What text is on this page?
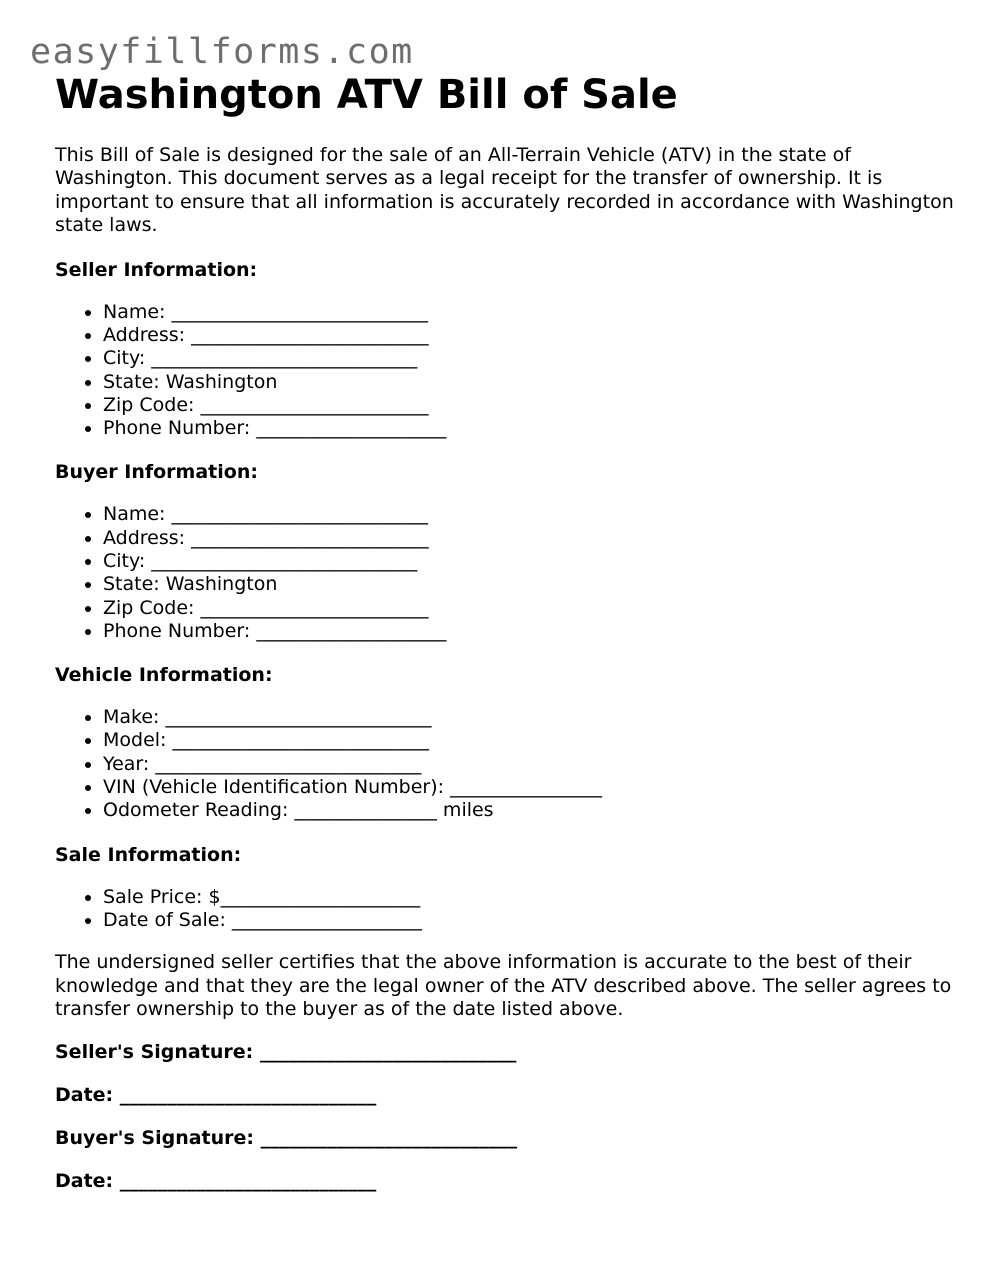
easyfillforms.com
Washington ATV Bill of Sale

This Bill of Sale is designed for the sale of an All-Terrain Vehicle (ATV) in the state of Washington. This document serves as a legal receipt for the transfer of ownership. It is important to ensure that all information is accurately recorded in accordance with Washington state laws.

Seller Information:
Name: ___________________________
Address: _________________________
City: ____________________________
State: Washington
Zip Code: ________________________
Phone Number: ____________________
Buyer Information:
Name: ___________________________
Address: _________________________
City: ____________________________
State: Washington
Zip Code: ________________________
Phone Number: ____________________
Vehicle Information:
Make: ____________________________
Model: ___________________________
Year: ____________________________
VIN (Vehicle Identification Number): ________________
Odometer Reading: _______________ miles
Sale Information:
Sale Price: $_____________________
Date of Sale: ____________________

The undersigned seller certifies that the above information is accurate to the best of their knowledge and that they are the legal owner of the ATV described above. The seller agrees to transfer ownership to the buyer as of the date listed above.

Seller's Signature: ___________________________
Date: ___________________________
Buyer's Signature: ___________________________
Date: ___________________________
